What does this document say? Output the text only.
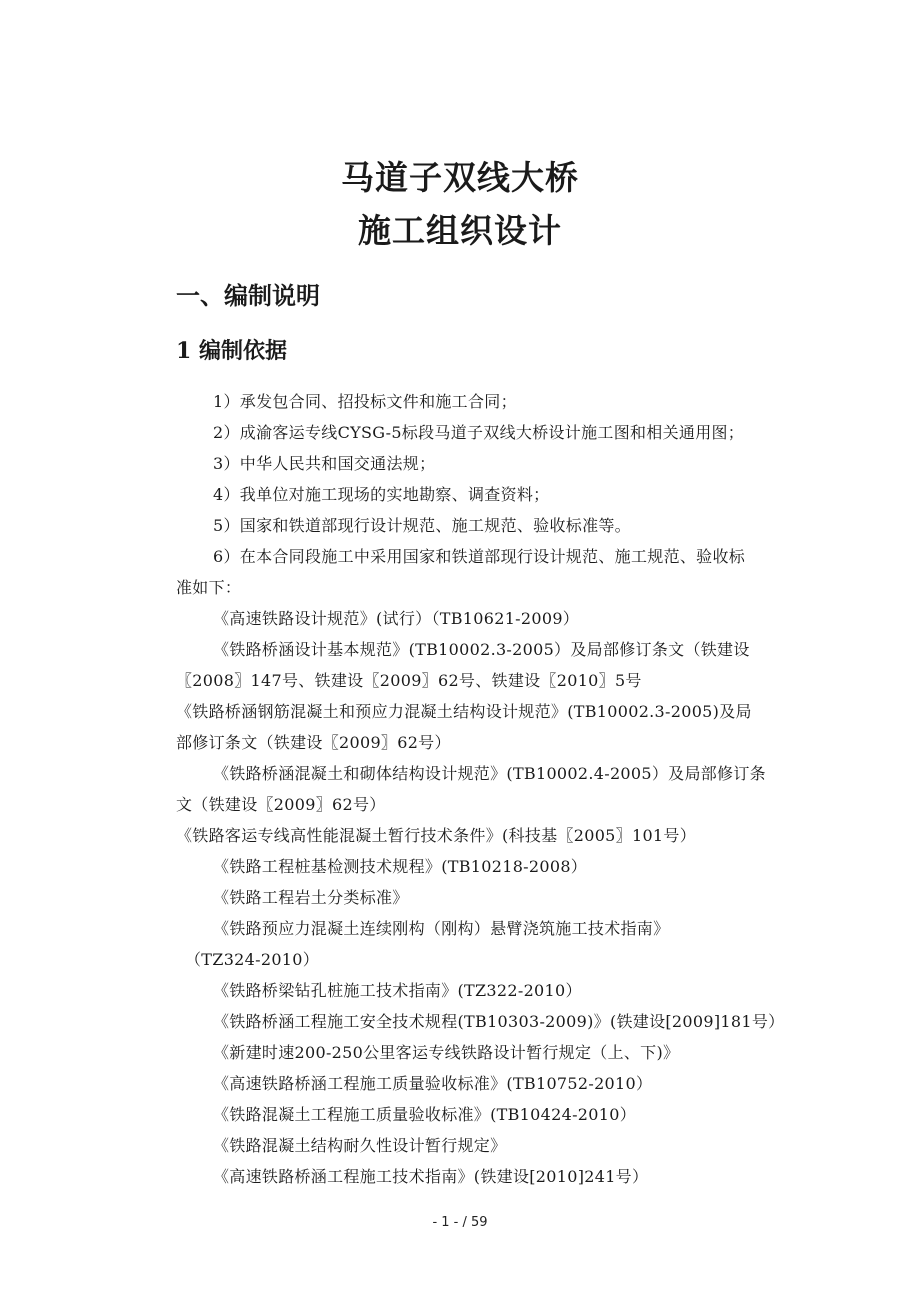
马道子双线大桥
施工组织设计
一、编制说明
1 编制依据
1）承发包合同、招投标文件和施工合同；
2）成渝客运专线CYSG-5标段马道子双线大桥设计施工图和相关通用图；
3）中华人民共和国交通法规；
4）我单位对施工现场的实地勘察、调查资料；
5）国家和铁道部现行设计规范、施工规范、验收标准等。
6）在本合同段施工中采用国家和铁道部现行设计规范、施工规范、验收标
准如下：
《高速铁路设计规范》(试行）（TB10621-2009）
《铁路桥涵设计基本规范》(TB10002.3-2005）及局部修订条文（铁建设
〖2008〗147号、铁建设〖2009〗62号、铁建设〖2010〗5号
《铁路桥涵钢筋混凝土和预应力混凝土结构设计规范》(TB10002.3-2005)及局
部修订条文（铁建设〖2009〗62号）
《铁路桥涵混凝土和砌体结构设计规范》(TB10002.4-2005）及局部修订条
文（铁建设〖2009〗62号）
《铁路客运专线高性能混凝土暂行技术条件》(科技基〖2005〗101号）
《铁路工程桩基检测技术规程》(TB10218-2008）
《铁路工程岩土分类标准》
《铁路预应力混凝土连续刚构（刚构）悬臂浇筑施工技术指南》
（TZ324-2010）
《铁路桥梁钻孔桩施工技术指南》(TZ322-2010）
《铁路桥涵工程施工安全技术规程(TB10303-2009)》(铁建设[2009]181号）
《新建时速200-250公里客运专线铁路设计暂行规定（上、下)》
《高速铁路桥涵工程施工质量验收标准》(TB10752-2010）
《铁路混凝土工程施工质量验收标准》(TB10424-2010）
《铁路混凝土结构耐久性设计暂行规定》
《高速铁路桥涵工程施工技术指南》(铁建设[2010]241号）
- 1 - / 59
